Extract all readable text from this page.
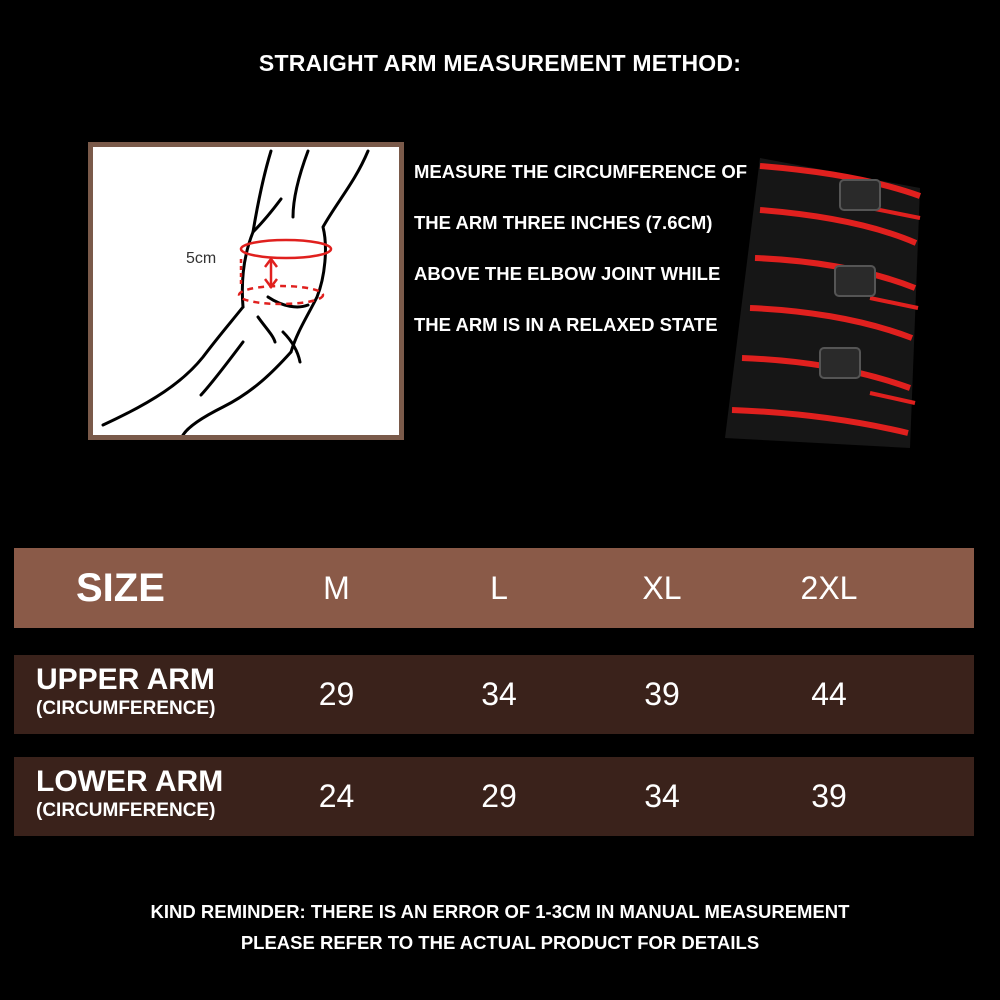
STRAIGHT ARM MEASUREMENT METHOD:
5cm
MEASURE THE CIRCUMFERENCE OF
THE ARM THREE INCHES (7.6CM)
ABOVE THE ELBOW JOINT WHILE
THE ARM IS IN A RELAXED STATE
SIZE	M	L	XL	2XL
UPPER ARM
(CIRCUMFERENCE)	29	34	39	44
LOWER ARM
(CIRCUMFERENCE)	24	29	34	39
KIND REMINDER: THERE IS AN ERROR OF 1-3CM IN MANUAL MEASUREMENT
PLEASE REFER TO THE ACTUAL PRODUCT FOR DETAILS
